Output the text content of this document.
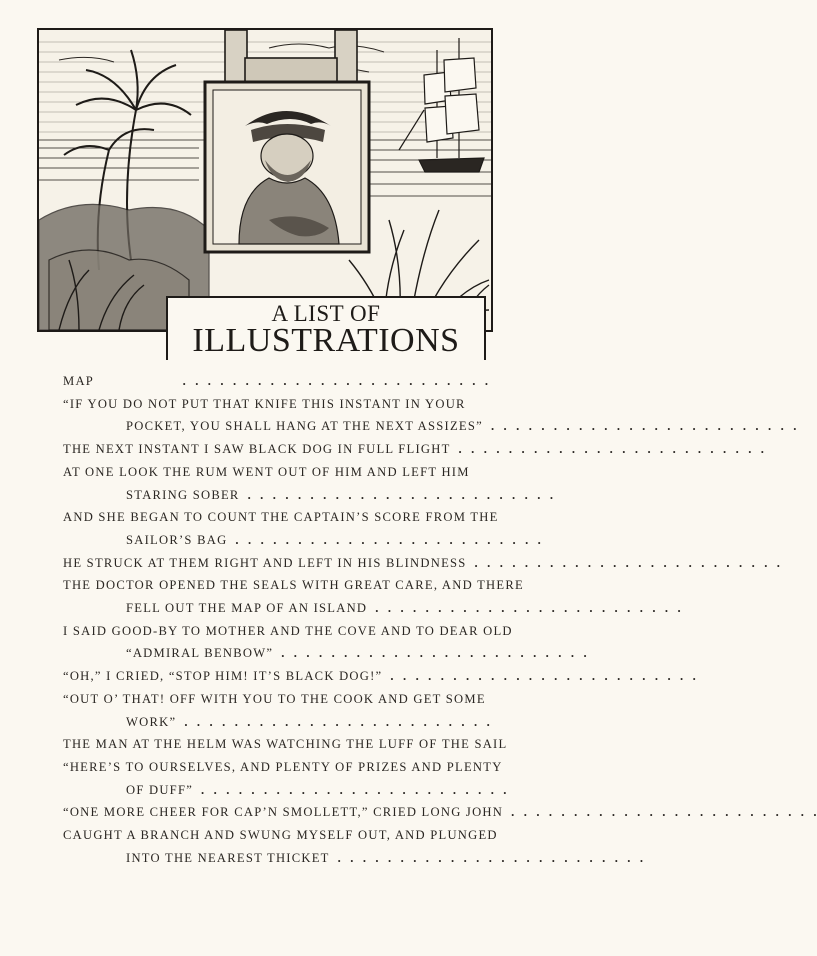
A LIST OF
ILLUSTRATIONS
MAP
.   .
“IF YOU DO NOT PUT THAT KNIFE THIS INSTANT IN YOUR
POCKET, YOU SHALL HANG AT THE NEXT ASSIZES”
.   .
THE NEXT INSTANT I SAW BLACK DOG IN FULL FLIGHT
.   .
AT ONE LOOK THE RUM WENT OUT OF HIM AND LEFT HIM
STARING SOBER
.   .
AND SHE BEGAN TO COUNT THE CAPTAIN’S SCORE FROM THE
SAILOR’S BAG
.   .
HE STRUCK AT THEM RIGHT AND LEFT IN HIS BLINDNESS
.   .
THE DOCTOR OPENED THE SEALS WITH GREAT CARE, AND THERE
FELL OUT THE MAP OF AN ISLAND
.   .
I SAID GOOD-BY TO MOTHER AND THE COVE AND TO DEAR OLD
“ADMIRAL BENBOW”
.   .
“OH,” I CRIED, “STOP HIM! IT’S BLACK DOG!”
.   .
“OUT O’ THAT! OFF WITH YOU TO THE COOK AND GET SOME
WORK”
.   .
THE MAN AT THE HELM WAS WATCHING THE LUFF OF THE SAIL
“HERE’S TO OURSELVES, AND PLENTY OF PRIZES AND PLENTY
OF DUFF”
.   .
“ONE MORE CHEER FOR CAP’N SMOLLETT,” CRIED LONG JOHN
.   .
CAUGHT A BRANCH AND SWUNG MYSELF OUT, AND PLUNGED
INTO THE NEAREST THICKET
.   .
